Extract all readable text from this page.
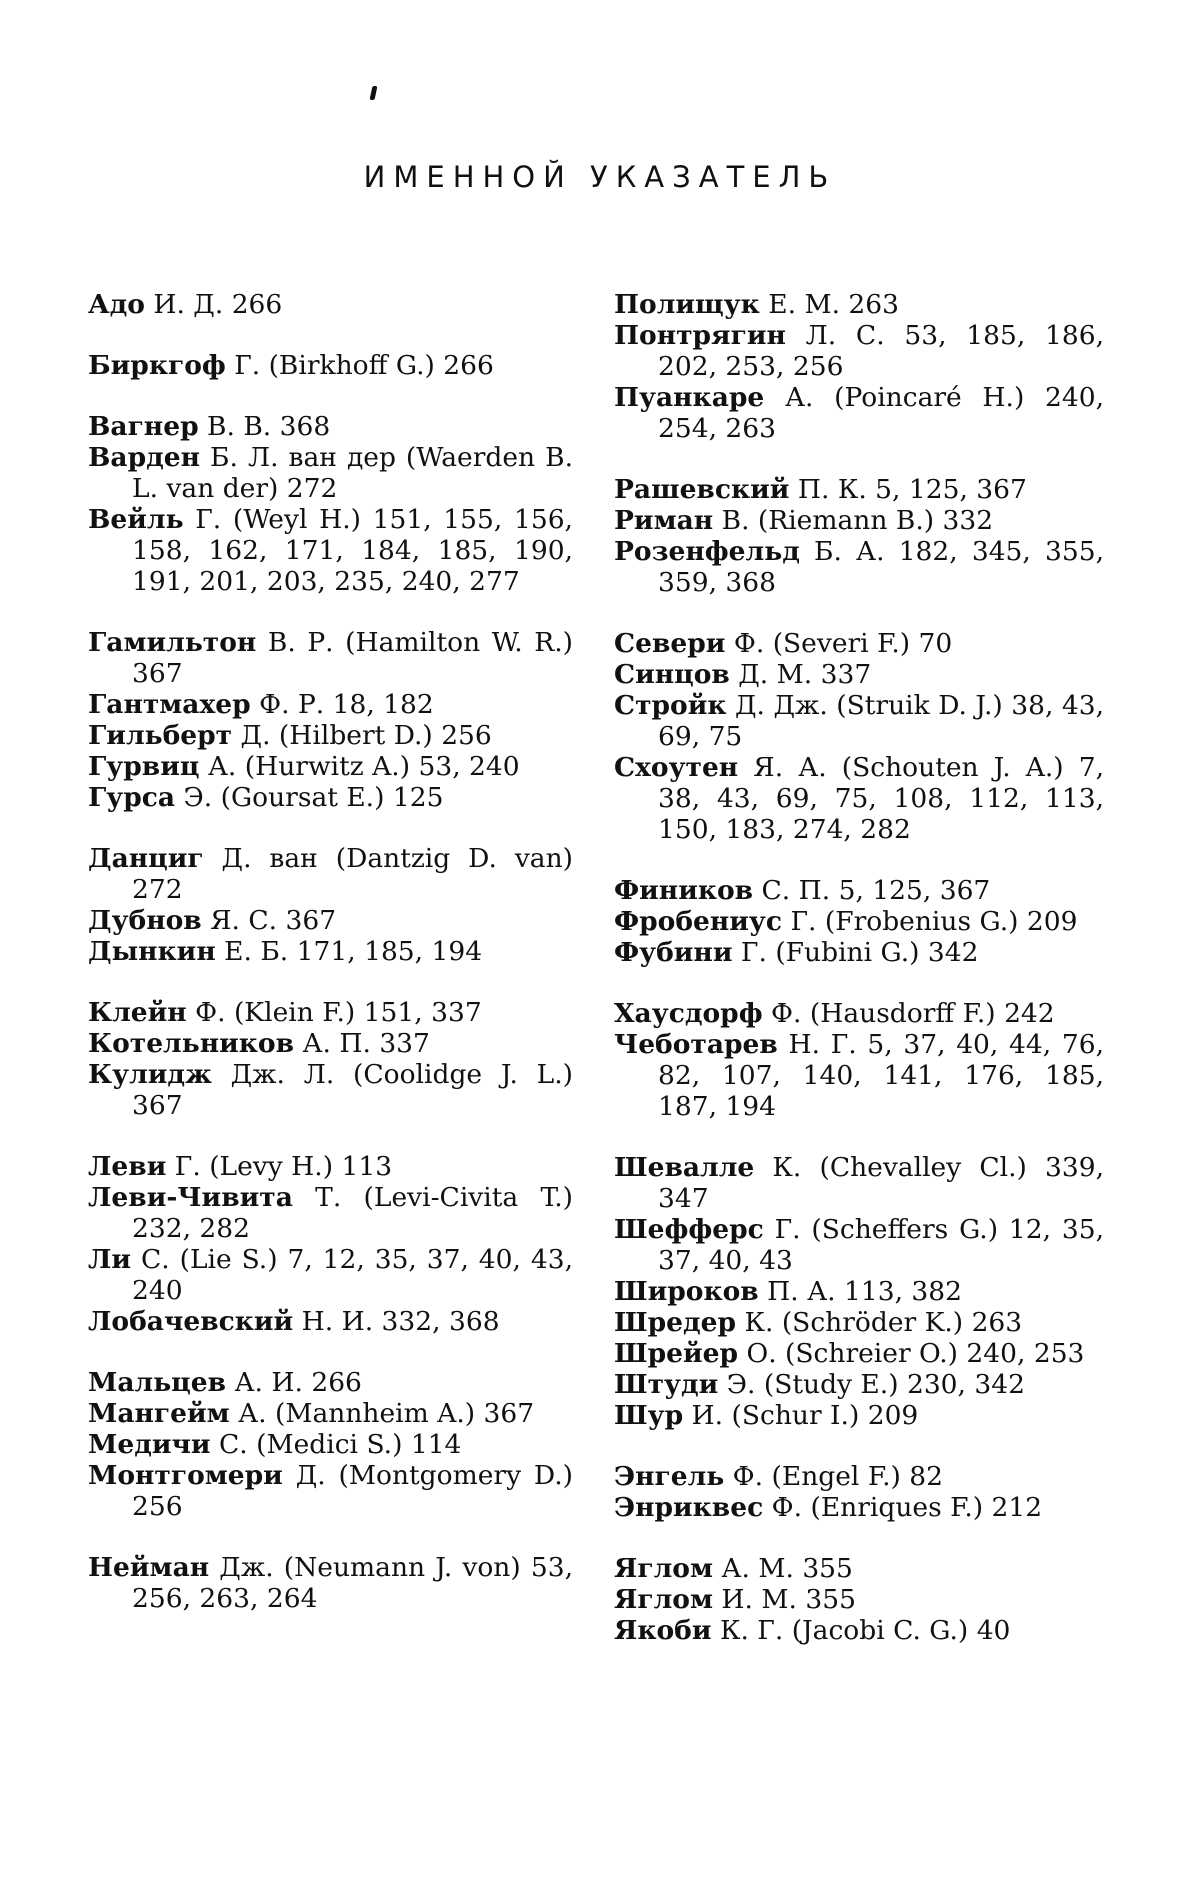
ИМЕННОЙ УКАЗАТЕЛЬ

Адо И. Д. 266

Биркгоф Г. (Birkhoff G.) 266

Вагнер В. В. 368

Варден Б. Л. ван дер (Waerden B. L. van der) 272

Вейль Г. (Weyl H.) 151, 155, 156, 158, 162, 171, 184, 185, 190, 191, 201, 203, 235, 240, 277

Гамильтон В. Р. (Hamilton W. R.) 367

Гантмахер Ф. Р. 18, 182

Гильберт Д. (Hilbert D.) 256

Гурвиц А. (Hurwitz A.) 53, 240

Гурса Э. (Goursat E.) 125

Данциг Д. ван (Dantzig D. van) 272

Дубнов Я. С. 367

Дынкин Е. Б. 171, 185, 194

Клейн Ф. (Klein F.) 151, 337

Котельников А. П. 337

Кулидж Дж. Л. (Coolidge J. L.) 367

Леви Г. (Levy H.) 113

Леви-Чивита Т. (Levi-Civita T.) 232, 282

Ли С. (Lie S.) 7, 12, 35, 37, 40, 43, 240

Лобачевский Н. И. 332, 368

Мальцев А. И. 266

Мангейм А. (Mannheim A.) 367

Медичи С. (Medici S.) 114

Монтгомери Д. (Montgomery D.) 256

Нейман Дж. (Neumann J. von) 53, 256, 263, 264

Полищук Е. М. 263

Понтрягин Л. С. 53, 185, 186, 202, 253, 256

Пуанкаре А. (Poincaré H.) 240, 254, 263

Рашевский П. К. 5, 125, 367

Риман В. (Riemann B.) 332

Розенфельд Б. А. 182, 345, 355, 359, 368

Севери Ф. (Severi F.) 70

Синцов Д. М. 337

Стройк Д. Дж. (Struik D. J.) 38, 43, 69, 75

Схоутен Я. А. (Schouten J. A.) 7, 38, 43, 69, 75, 108, 112, 113, 150, 183, 274, 282

Фиников С. П. 5, 125, 367

Фробениус Г. (Frobenius G.) 209

Фубини Г. (Fubini G.) 342

Хаусдорф Ф. (Hausdorff F.) 242

Чеботарев Н. Г. 5, 37, 40, 44, 76, 82, 107, 140, 141, 176, 185, 187, 194

Шевалле К. (Chevalley Cl.) 339, 347

Шефферс Г. (Scheffers G.) 12, 35, 37, 40, 43

Широков П. А. 113, 382

Шредер К. (Schröder K.) 263

Шрейер О. (Schreier O.) 240, 253

Штуди Э. (Study E.) 230, 342

Шур И. (Schur I.) 209

Энгель Ф. (Engel F.) 82

Энриквес Ф. (Enriques F.) 212

Яглом А. М. 355

Яглом И. М. 355

Якоби К. Г. (Jacobi C. G.) 40
